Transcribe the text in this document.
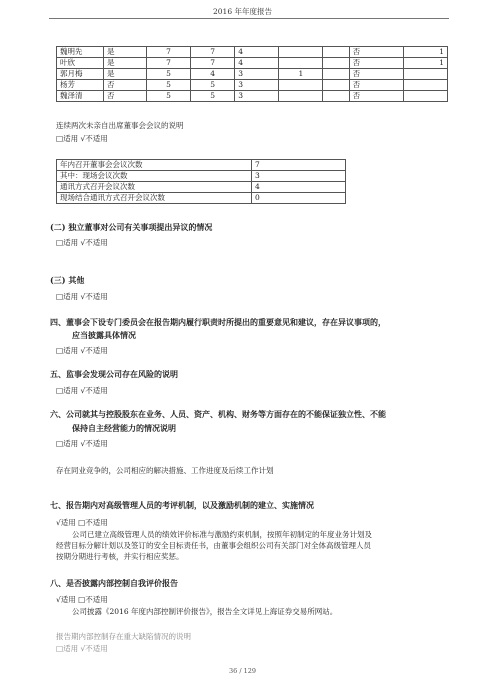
2016 年年度报告
魏明先	是	7	7	4			否	1
叶欣	是	7	7	4			否	1
郭月梅	是	5	4	3	1		否	
杨芳	否	5	5	3			否	
魏泽清	否	5	5	3			否	
连续两次未亲自出席董事会会议的说明
□适用 √不适用
年内召开董事会会议次数	7
其中：现场会议次数	3
通讯方式召开会议次数	4
现场结合通讯方式召开会议次数	0
(二) 独立董事对公司有关事项提出异议的情况
□适用 √不适用
(三) 其他
□适用 √不适用
四、董事会下设专门委员会在报告期内履行职责时所提出的重要意见和建议，存在异议事项的，
应当披露具体情况
□适用 √不适用
五、监事会发现公司存在风险的说明
□适用 √不适用
六、公司就其与控股股东在业务、人员、资产、机构、财务等方面存在的不能保证独立性、不能
保持自主经营能力的情况说明
□适用 √不适用
存在同业竞争的，公司相应的解决措施、工作进度及后续工作计划
七、报告期内对高级管理人员的考评机制，以及激励机制的建立、实施情况
√适用 □不适用
公司已建立高级管理人员的绩效评价标准与激励约束机制，按照年初制定的年度业务计划及
经营目标分解计划以及签订的安全目标责任书，由董事会组织公司有关部门对全体高级管理人员
按期分期进行考核，并实行相应奖惩。
八、是否披露内部控制自我评价报告
√适用 □不适用
公司披露《2016 年度内部控制评价报告》，报告全文详见上海证券交易所网站。
报告期内部控制存在重大缺陷情况的说明
□适用 √不适用
36 / 129
